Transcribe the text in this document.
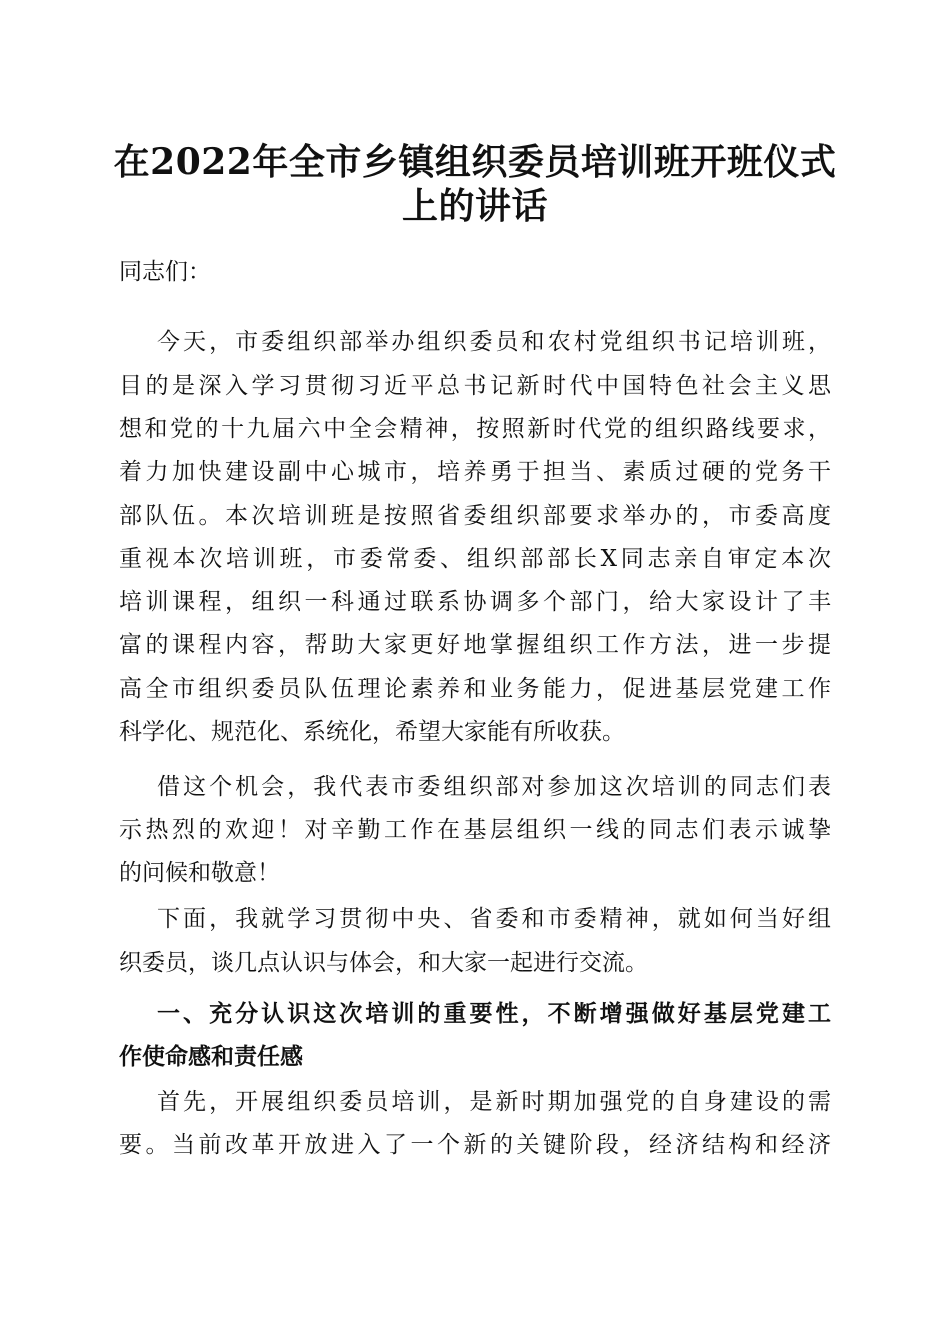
在2022年全市乡镇组织委员培训班开班仪式
上的讲话

同志们：

今天，市委组织部举办组织委员和农村党组织书记培训班，

目的是深入学习贯彻习近平总书记新时代中国特色社会主义思

想和党的十九届六中全会精神，按照新时代党的组织路线要求，

着力加快建设副中心城市，培养勇于担当、素质过硬的党务干

部队伍。本次培训班是按照省委组织部要求举办的，市委高度

重视本次培训班，市委常委、组织部部长X同志亲自审定本次

培训课程，组织一科通过联系协调多个部门，给大家设计了丰

富的课程内容，帮助大家更好地掌握组织工作方法，进一步提

高全市组织委员队伍理论素养和业务能力，促进基层党建工作

科学化、规范化、系统化，希望大家能有所收获。

借这个机会，我代表市委组织部对参加这次培训的同志们表

示热烈的欢迎！对辛勤工作在基层组织一线的同志们表示诚挚

的问候和敬意！

下面，我就学习贯彻中央、省委和市委精神，就如何当好组

织委员，谈几点认识与体会，和大家一起进行交流。

一、充分认识这次培训的重要性，不断增强做好基层党建工

作使命感和责任感

首先，开展组织委员培训，是新时期加强党的自身建设的需

要。当前改革开放进入了一个新的关键阶段，经济结构和经济
